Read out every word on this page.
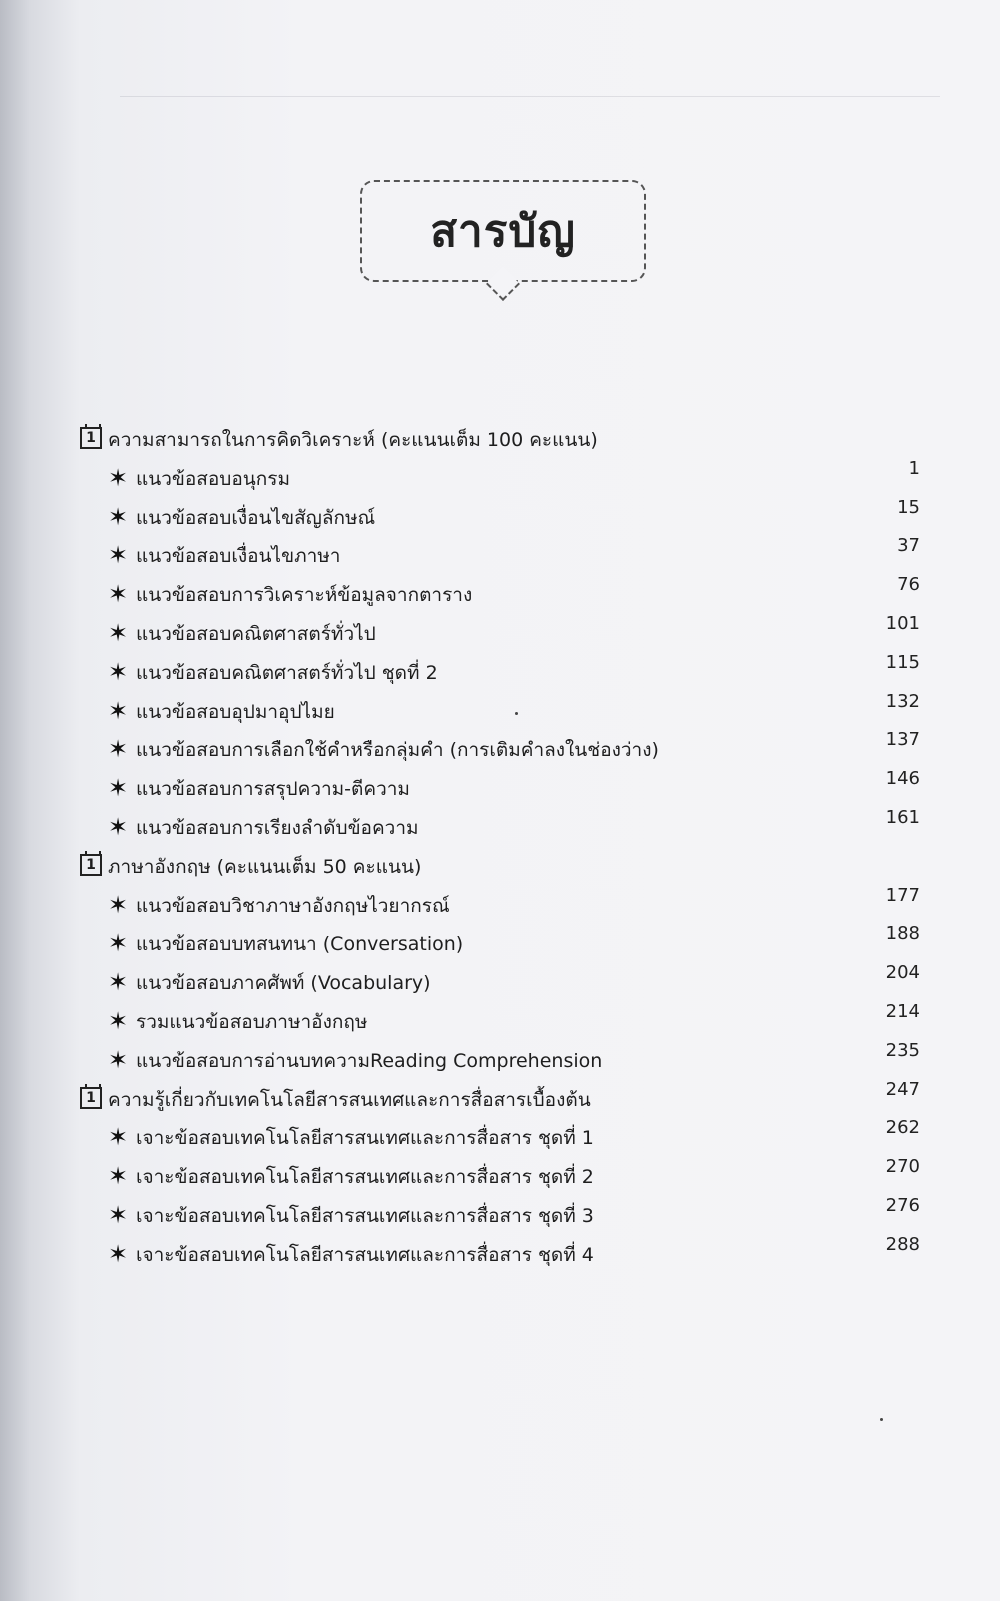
สารบัญ
1 ความสามารถในการคิดวิเคราะห์ (คะแนนเต็ม 100 คะแนน)
✶ แนวข้อสอบอนุกรม	1
✶ แนวข้อสอบเงื่อนไขสัญลักษณ์	15
✶ แนวข้อสอบเงื่อนไขภาษา	37
✶ แนวข้อสอบการวิเคราะห์ข้อมูลจากตาราง	76
✶ แนวข้อสอบคณิตศาสตร์ทั่วไป	101
✶ แนวข้อสอบคณิตศาสตร์ทั่วไป ชุดที่ 2	115
✶ แนวข้อสอบอุปมาอุปไมย	132
✶ แนวข้อสอบการเลือกใช้คำหรือกลุ่มคำ (การเติมคำลงในช่องว่าง)	137
✶ แนวข้อสอบการสรุปความ-ตีความ	146
✶ แนวข้อสอบการเรียงลำดับข้อความ	161
1 ภาษาอังกฤษ (คะแนนเต็ม 50 คะแนน)
✶ แนวข้อสอบวิชาภาษาอังกฤษไวยากรณ์	177
✶ แนวข้อสอบบทสนทนา (Conversation)	188
✶ แนวข้อสอบภาคศัพท์ (Vocabulary)	204
✶ รวมแนวข้อสอบภาษาอังกฤษ	214
✶ แนวข้อสอบการอ่านบทความReading Comprehension	235
1 ความรู้เกี่ยวกับเทคโนโลยีสารสนเทศและการสื่อสารเบื้องต้น	247
✶ เจาะข้อสอบเทคโนโลยีสารสนเทศและการสื่อสาร ชุดที่ 1	262
✶ เจาะข้อสอบเทคโนโลยีสารสนเทศและการสื่อสาร ชุดที่ 2	270
✶ เจาะข้อสอบเทคโนโลยีสารสนเทศและการสื่อสาร ชุดที่ 3	276
✶ เจาะข้อสอบเทคโนโลยีสารสนเทศและการสื่อสาร ชุดที่ 4	288
